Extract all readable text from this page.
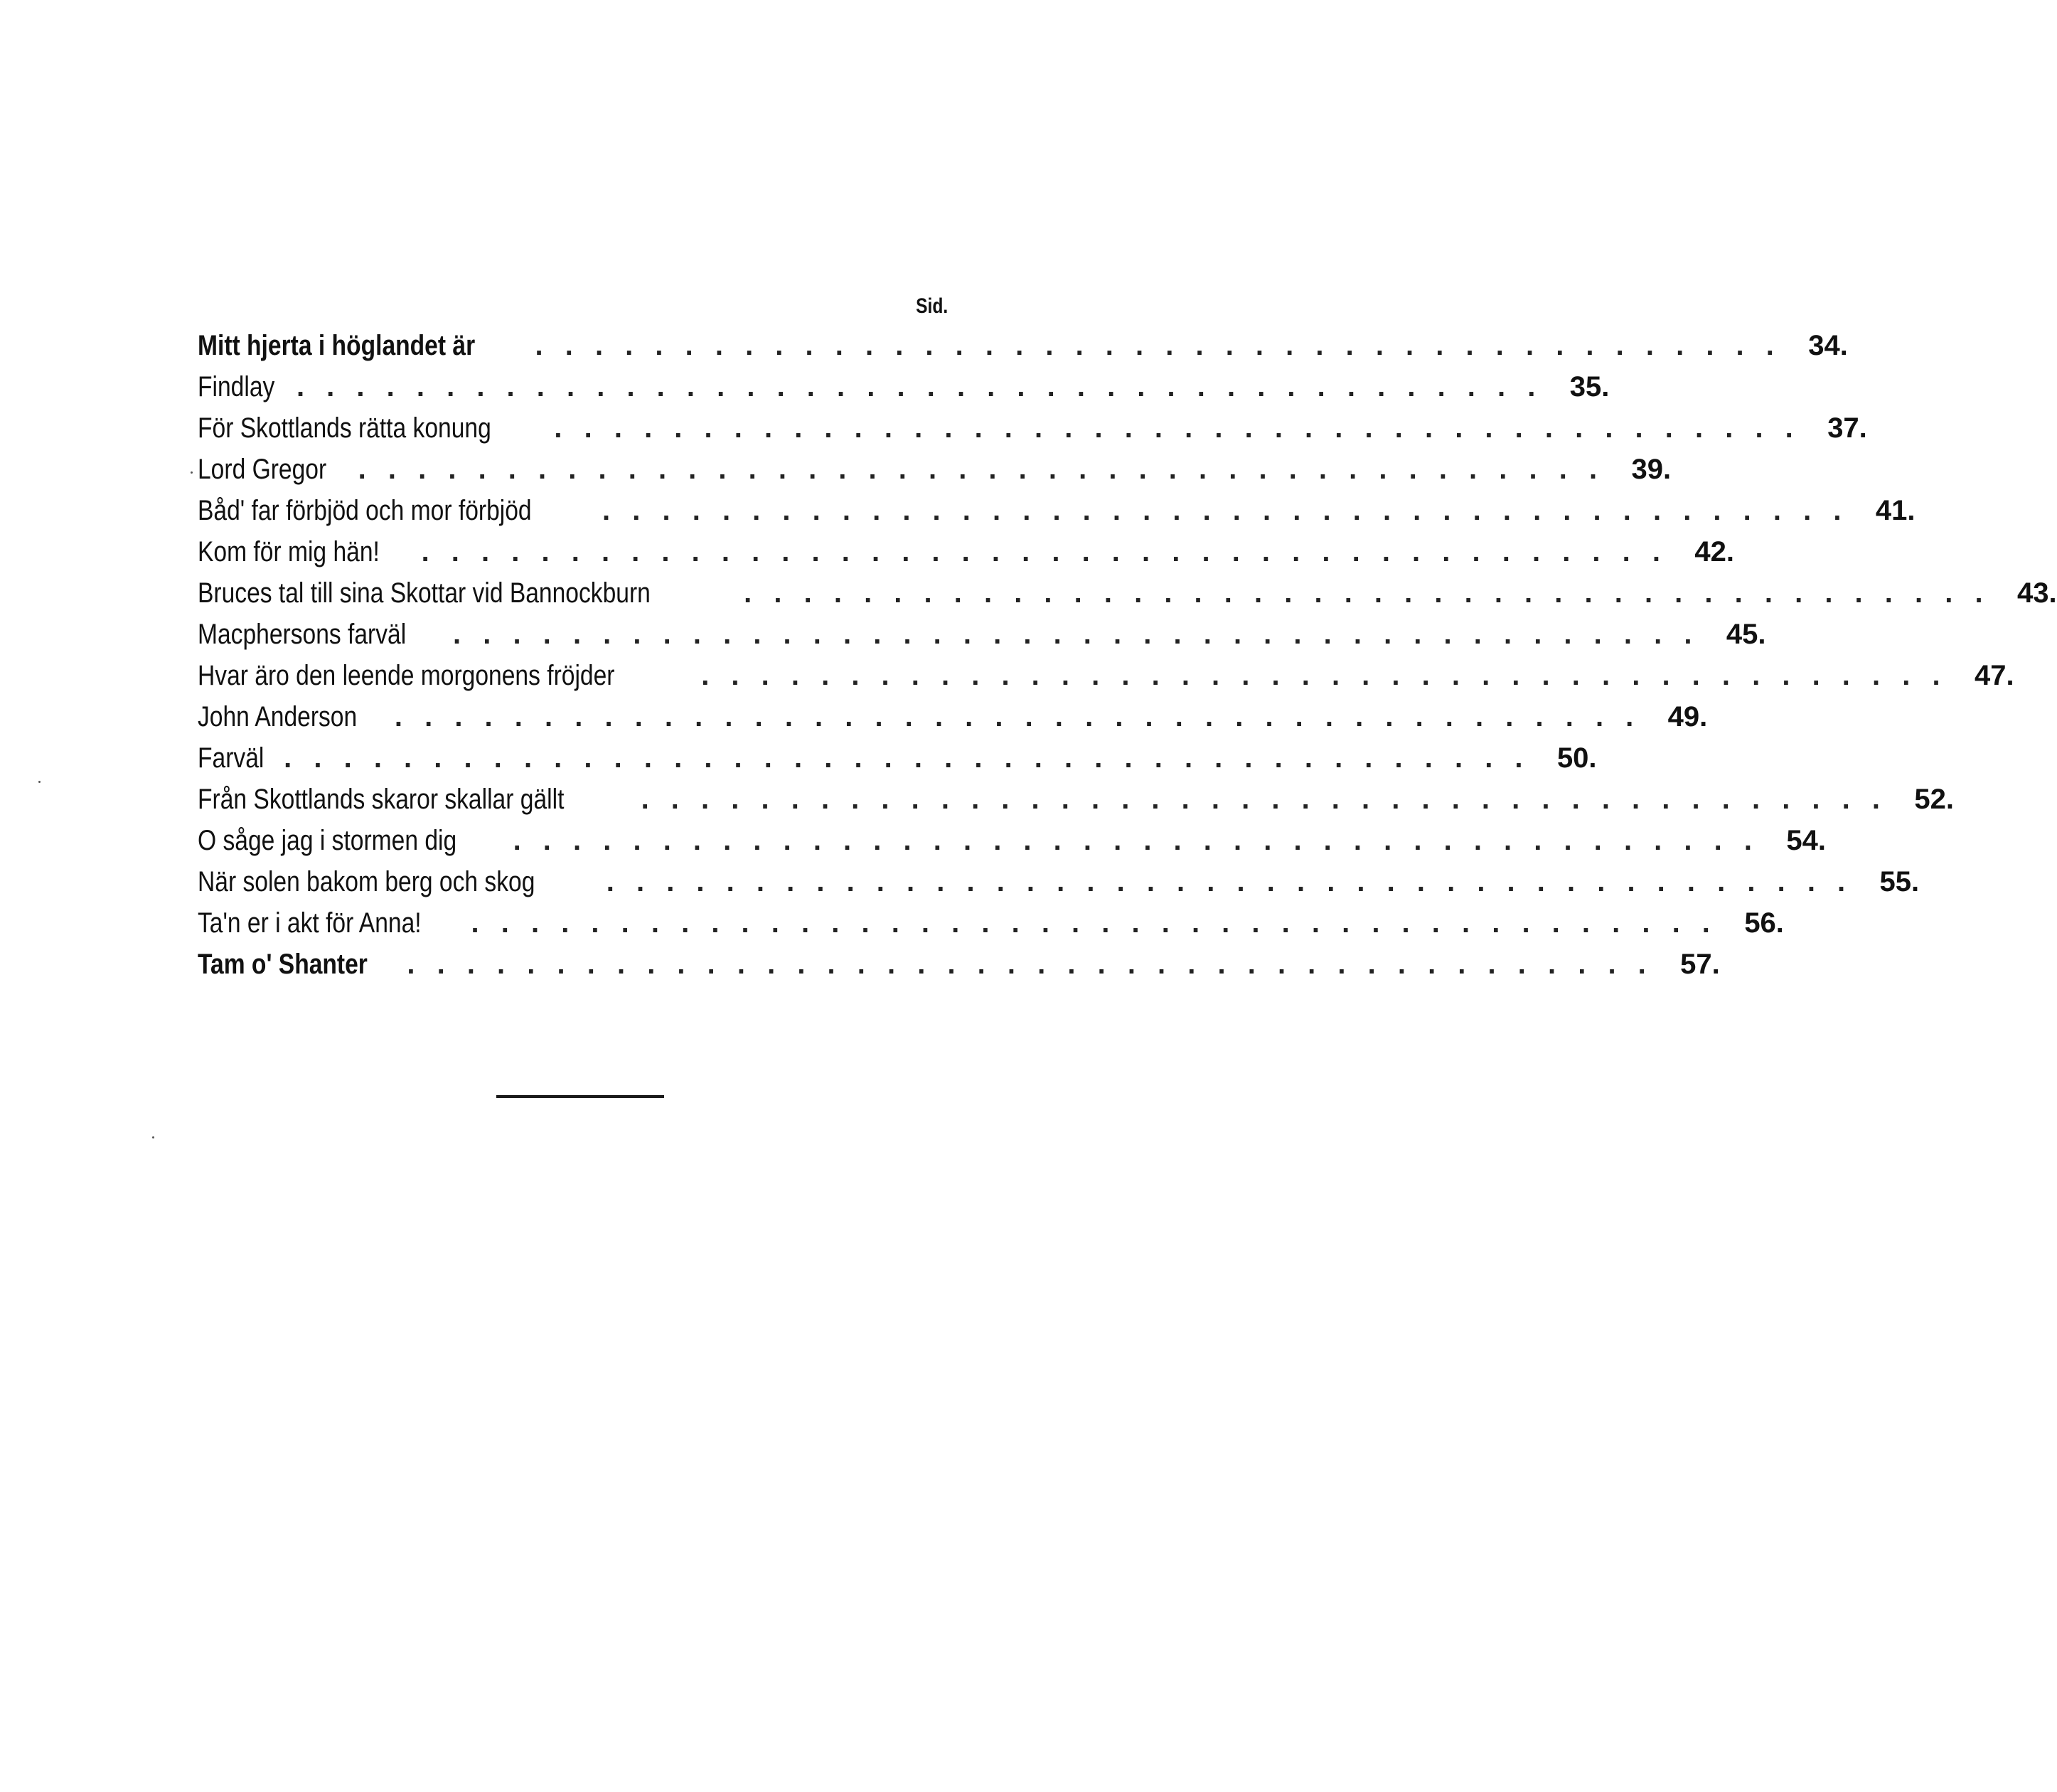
Sid.
Mitt hjerta i höglandet är	. . . . . . . . . . . . . . . . . . . . . . . . . . . . . . . . . . . . . . . . . . 34.
Findlay . . . . . . . . . . . . . . . . . . . . . . . . . . . . . . . . . . . . . . . . . . 35.
För Skottlands rätta konung	. . . . . . . . . . . . . . . . . . . . . . . . . . . . . . . . . . . . . . . . . . 37.
Lord Gregor	. . . . . . . . . . . . . . . . . . . . . . . . . . . . . . . . . . . . . . . . . . 39.
Båd' far förbjöd och mor förbjöd	. . . . . . . . . . . . . . . . . . . . . . . . . . . . . . . . . . . . . . . . . . 41.
Kom för mig hän!	. . . . . . . . . . . . . . . . . . . . . . . . . . . . . . . . . . . . . . . . . . 42.
Bruces tal till sina Skottar vid Bannockburn	. . . . . . . . . . . . . . . . . . . . . . . . . . . . . . . . . . . . . . . . . . 43.
Macphersons farväl	. . . . . . . . . . . . . . . . . . . . . . . . . . . . . . . . . . . . . . . . . . 45.
Hvar äro den leende morgonens fröjder	. . . . . . . . . . . . . . . . . . . . . . . . . . . . . . . . . . . . . . . . . . 47.
John Anderson	. . . . . . . . . . . . . . . . . . . . . . . . . . . . . . . . . . . . . . . . . . 49.
Farväl . . . . . . . . . . . . . . . . . . . . . . . . . . . . . . . . . . . . . . . . . . 50.
Från Skottlands skaror skallar gällt	. . . . . . . . . . . . . . . . . . . . . . . . . . . . . . . . . . . . . . . . . . 52.
O såge jag i stormen dig	. . . . . . . . . . . . . . . . . . . . . . . . . . . . . . . . . . . . . . . . . . 54.
När solen bakom berg och skog	. . . . . . . . . . . . . . . . . . . . . . . . . . . . . . . . . . . . . . . . . . 55.
Ta'n er i akt för Anna!	. . . . . . . . . . . . . . . . . . . . . . . . . . . . . . . . . . . . . . . . . . 56.
Tam o' Shanter	. . . . . . . . . . . . . . . . . . . . . . . . . . . . . . . . . . . . . . . . . . 57.
